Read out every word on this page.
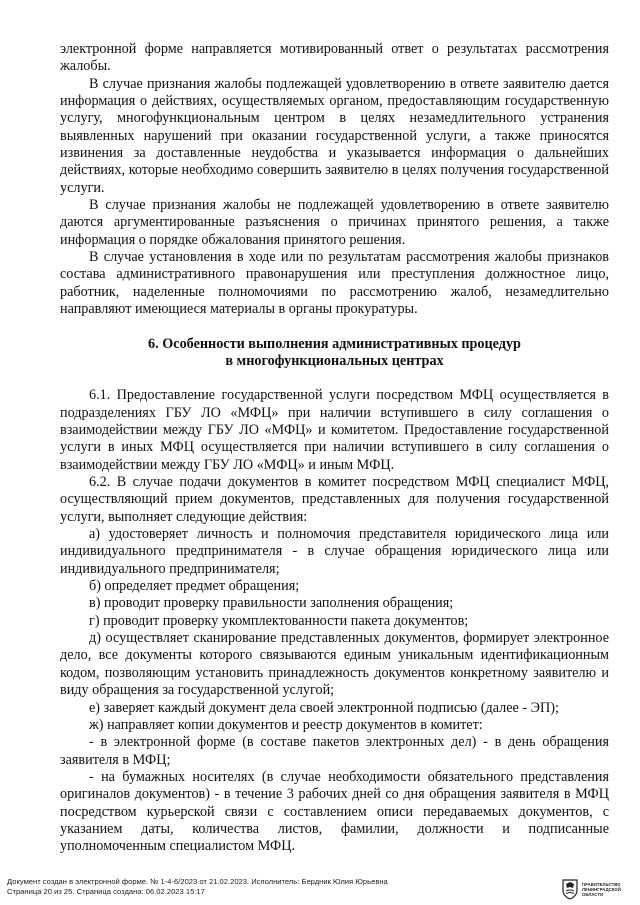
электронной форме направляется мотивированный ответ о результатах рассмотрения жалобы.

В случае признания жалобы подлежащей удовлетворению в ответе заявителю дается информация о действиях, осуществляемых органом, предоставляющим государственную услугу, многофункциональным центром в целях незамедлительного устранения выявленных нарушений при оказании государственной услуги, а также приносятся извинения за доставленные неудобства и указывается информация о дальнейших действиях, которые необходимо совершить заявителю в целях получения государственной услуги.

В случае признания жалобы не подлежащей удовлетворению в ответе заявителю даются аргументированные разъяснения о причинах принятого решения, а также информация о порядке обжалования принятого решения.

В случае установления в ходе или по результатам рассмотрения жалобы признаков состава административного правонарушения или преступления должностное лицо, работник, наделенные полномочиями по рассмотрению жалоб, незамедлительно направляют имеющиеся материалы в органы прокуратуры.

6. Особенности выполнения административных процедур
в многофункциональных центрах

6.1. Предоставление государственной услуги посредством МФЦ осуществляется в подразделениях ГБУ ЛО «МФЦ» при наличии вступившего в силу соглашения о взаимодействии между ГБУ ЛО «МФЦ» и комитетом. Предоставление государственной услуги в иных МФЦ осуществляется при наличии вступившего в силу соглашения о взаимодействии между ГБУ ЛО «МФЦ» и иным МФЦ.

6.2. В случае подачи документов в комитет посредством МФЦ специалист МФЦ, осуществляющий прием документов, представленных для получения государственной услуги, выполняет следующие действия:

а) удостоверяет личность и полномочия представителя юридического лица или индивидуального предпринимателя - в случае обращения юридического лица или индивидуального предпринимателя;

б) определяет предмет обращения;

в) проводит проверку правильности заполнения обращения;

г) проводит проверку укомплектованности пакета документов;

д) осуществляет сканирование представленных документов, формирует электронное дело, все документы которого связываются единым уникальным идентификационным кодом, позволяющим установить принадлежность документов конкретному заявителю и виду обращения за государственной услугой;

е) заверяет каждый документ дела своей электронной подписью (далее - ЭП);

ж) направляет копии документов и реестр документов в комитет:

- в электронной форме (в составе пакетов электронных дел) - в день обращения заявителя в МФЦ;

- на бумажных носителях (в случае необходимости обязательного представления оригиналов документов) - в течение 3 рабочих дней со дня обращения заявителя в МФЦ посредством курьерской связи с составлением описи передаваемых документов, с указанием даты, количества листов, фамилии, должности и подписанные уполномоченным специалистом МФЦ.

Документ создан в электронной форме. № 1-4-6/2023 от 21.02.2023. Исполнитель: Бердник Юлия Юрьевна
Страница 20 из 25. Страница создана: 06.02.2023 15:17
ПРАВИТЕЛЬСТВО
ЛЕНИНГРАДСКОЙ
ОБЛАСТИ
